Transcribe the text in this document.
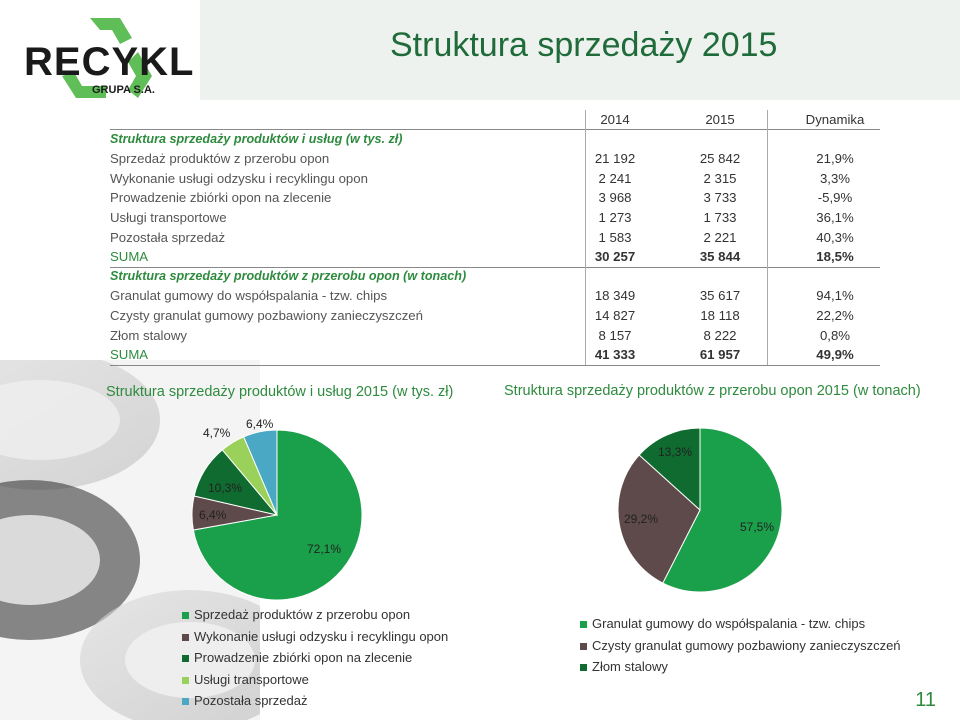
RECYKL
GRUPA S.A.
Struktura sprzedaży 2015
2014	2015	Dynamika
Struktura sprzedaży produktów i usług (w tys. zł)
Sprzedaż produktów z przerobu opon	21 192	25 842	21,9%
Wykonanie usługi odzysku i recyklingu opon	2 241	2 315	3,3%
Prowadzenie zbiórki opon na zlecenie	3 968	3 733	-5,9%
Usługi transportowe	1 273	1 733	36,1%
Pozostała sprzedaż	1 583	2 221	40,3%
SUMA	30 257	35 844	18,5%
Struktura sprzedaży produktów z przerobu opon (w tonach)
Granulat gumowy do współspalania - tzw. chips	18 349	35 617	94,1%
Czysty granulat gumowy pozbawiony zanieczyszczeń	14 827	18 118	22,2%
Złom stalowy	8 157	8 222	0,8%
SUMA	41 333	61 957	49,9%
Struktura sprzedaży produktów i usług 2015 (w tys. zł)	Struktura sprzedaży produktów z przerobu opon 2015 (w tonach)
72,1%
6,4%
10,3%
4,7%
6,4%
57,5%
29,2%
13,3%
Sprzedaż produktów z przerobu opon
Wykonanie usługi odzysku i recyklingu opon
Prowadzenie zbiórki opon na zlecenie
Usługi transportowe
Pozostała sprzedaż
Granulat gumowy do współspalania - tzw. chips
Czysty granulat gumowy pozbawiony zanieczyszczeń
Złom stalowy
11
